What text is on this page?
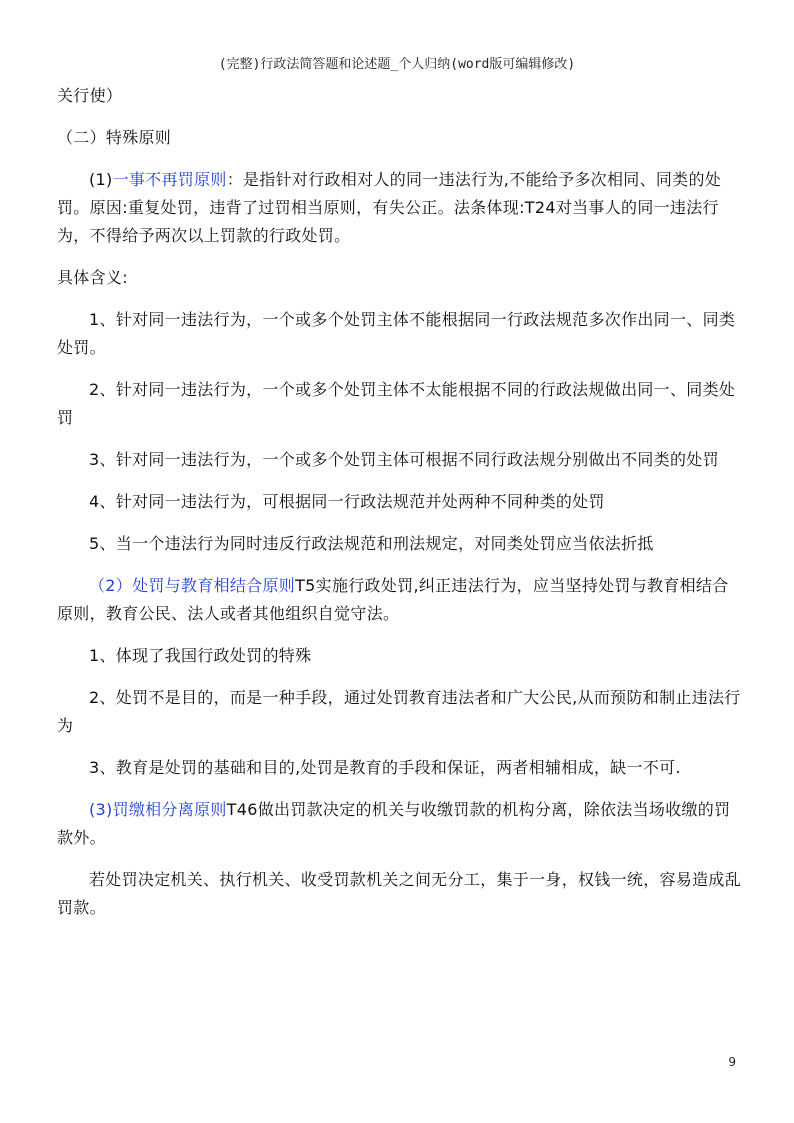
(完整)行政法简答题和论述题_个人归纳(word版可编辑修改)

关行使）

（二）特殊原则

(1)一事不再罚原则：是指针对行政相对人的同一违法行为,不能给予多次相同、同类的处罚。原因:重复处罚，违背了过罚相当原则，有失公正。法条体现:T24对当事人的同一违法行为，不得给予两次以上罚款的行政处罚。

具体含义:

1、针对同一违法行为，一个或多个处罚主体不能根据同一行政法规范多次作出同一、同类处罚。

2、针对同一违法行为，一个或多个处罚主体不太能根据不同的行政法规做出同一、同类处罚

3、针对同一违法行为，一个或多个处罚主体可根据不同行政法规分别做出不同类的处罚

4、针对同一违法行为，可根据同一行政法规范并处两种不同种类的处罚

5、当一个违法行为同时违反行政法规范和刑法规定，对同类处罚应当依法折抵

（2）处罚与教育相结合原则T5实施行政处罚,纠正违法行为，应当坚持处罚与教育相结合原则，教育公民、法人或者其他组织自觉守法。

1、体现了我国行政处罚的特殊

2、处罚不是目的，而是一种手段，通过处罚教育违法者和广大公民,从而预防和制止违法行为

3、教育是处罚的基础和目的,处罚是教育的手段和保证，两者相辅相成，缺一不可.

(3)罚缴相分离原则T46做出罚款决定的机关与收缴罚款的机构分离，除依法当场收缴的罚款外。

若处罚决定机关、执行机关、收受罚款机关之间无分工，集于一身，权钱一统，容易造成乱罚款。

9
